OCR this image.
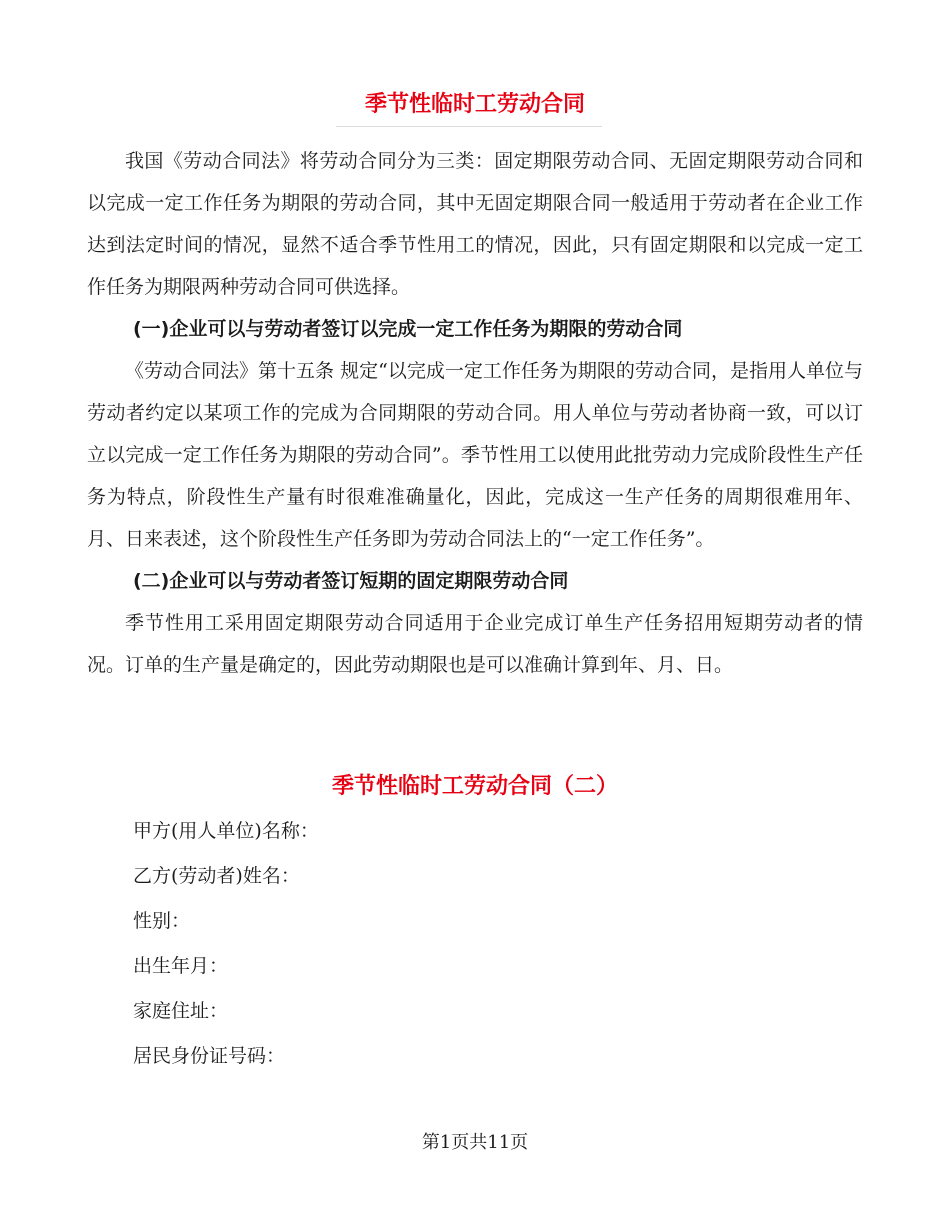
季节性临时工劳动合同

我国《劳动合同法》将劳动合同分为三类：固定期限劳动合同、无固定期限劳动合同和以完成一定工作任务为期限的劳动合同，其中无固定期限合同一般适用于劳动者在企业工作达到法定时间的情况，显然不适合季节性用工的情况，因此，只有固定期限和以完成一定工作任务为期限两种劳动合同可供选择。

(一)企业可以与劳动者签订以完成一定工作任务为期限的劳动合同

《劳动合同法》第十五条 规定“以完成一定工作任务为期限的劳动合同，是指用人单位与劳动者约定以某项工作的完成为合同期限的劳动合同。用人单位与劳动者协商一致，可以订立以完成一定工作任务为期限的劳动合同”。季节性用工以使用此批劳动力完成阶段性生产任务为特点，阶段性生产量有时很难准确量化，因此，完成这一生产任务的周期很难用年、月、日来表述，这个阶段性生产任务即为劳动合同法上的“一定工作任务”。

(二)企业可以与劳动者签订短期的固定期限劳动合同

季节性用工采用固定期限劳动合同适用于企业完成订单生产任务招用短期劳动者的情况。订单的生产量是确定的，因此劳动期限也是可以准确计算到年、月、日。

季节性临时工劳动合同（二）

甲方(用人单位)名称：

乙方(劳动者)姓名：

性别：

出生年月：

家庭住址：

居民身份证号码：

第1页共11页
